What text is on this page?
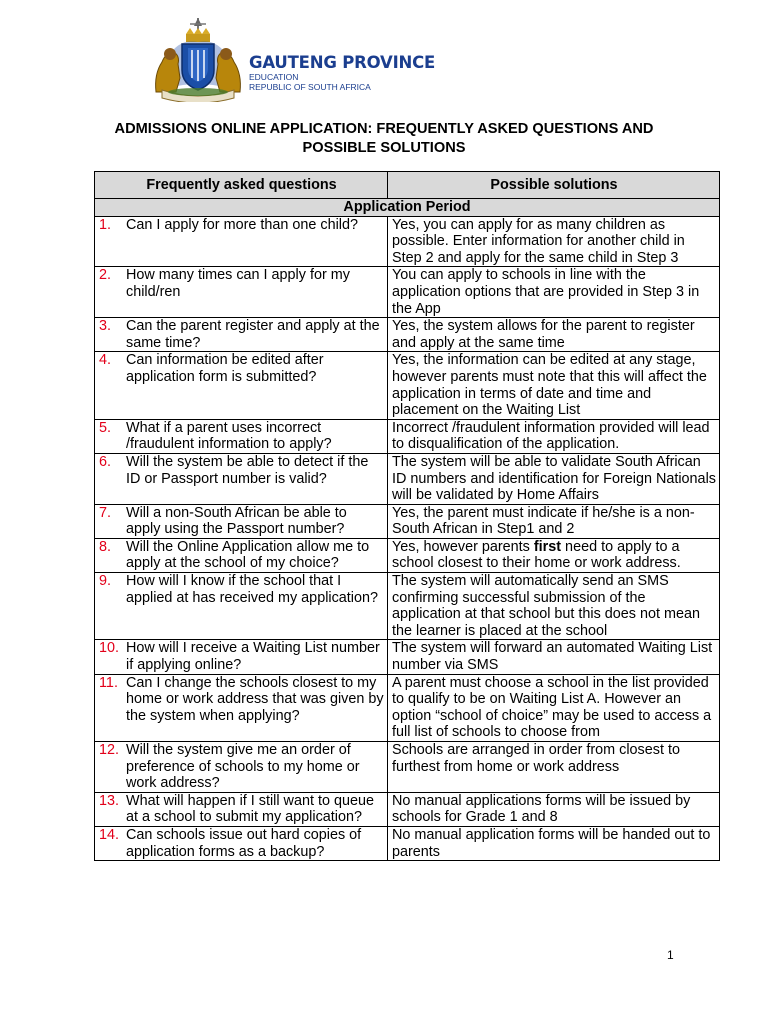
GAUTENG PROVINCE
EDUCATION
REPUBLIC OF SOUTH AFRICA
ADMISSIONS ONLINE APPLICATION: FREQUENTLY ASKED QUESTIONS AND
POSSIBLE SOLUTIONS
Frequently asked questions	Possible solutions
Application Period	

1. Can I apply for more than one child?	Yes, you can apply for as many children as possible. Enter information for another child in Step 2 and apply for the same child in Step 3

2. How many times can I apply for my child/ren	You can apply to schools in line with the application options that are provided in Step 3 in the App

3. Can the parent register and apply at the same time?	Yes, the system allows for the parent to register and apply at the same time

4. Can information be edited after application form is submitted?	Yes, the information can be edited at any stage, however parents must note that this will affect the application in terms of date and time and placement on the Waiting List

5. What if a parent uses incorrect /fraudulent information to apply?	Incorrect /fraudulent information provided will lead to disqualification of the application.

6. Will the system be able to detect if the ID or Passport number is valid?	The system will be able to validate South African ID numbers and identification for Foreign Nationals will be validated by Home Affairs

7. Will a non-South African be able to apply using the Passport number?	Yes, the parent must indicate if he/she is a non-South African in Step1 and 2

8. Will the Online Application allow me to apply at the school of my choice?	Yes, however parents first need to apply to a school closest to their home or work address.

9. How will I know if the school that I applied at has received my application?	The system will automatically send an SMS confirming successful submission of the application at that school but this does not mean the learner is placed at the school

10. How will I receive a Waiting List number if applying online?	The system will forward an automated Waiting List number via SMS

11. Can I change the schools closest to my home or work address that was given by the system when applying?	A parent must choose a school in the list provided to qualify to be on Waiting List A. However an option “school of choice” may be used to access a full list of schools to choose from

12. Will the system give me an order of preference of schools to my home or work address?	Schools are arranged in order from closest to furthest from home or work address

13. What will happen if I still want to queue at a school to submit my application?	No manual applications forms will be issued by schools for Grade 1 and 8

14. Can schools issue out hard copies of application forms as a backup?	No manual application forms will be handed out to parents
1
